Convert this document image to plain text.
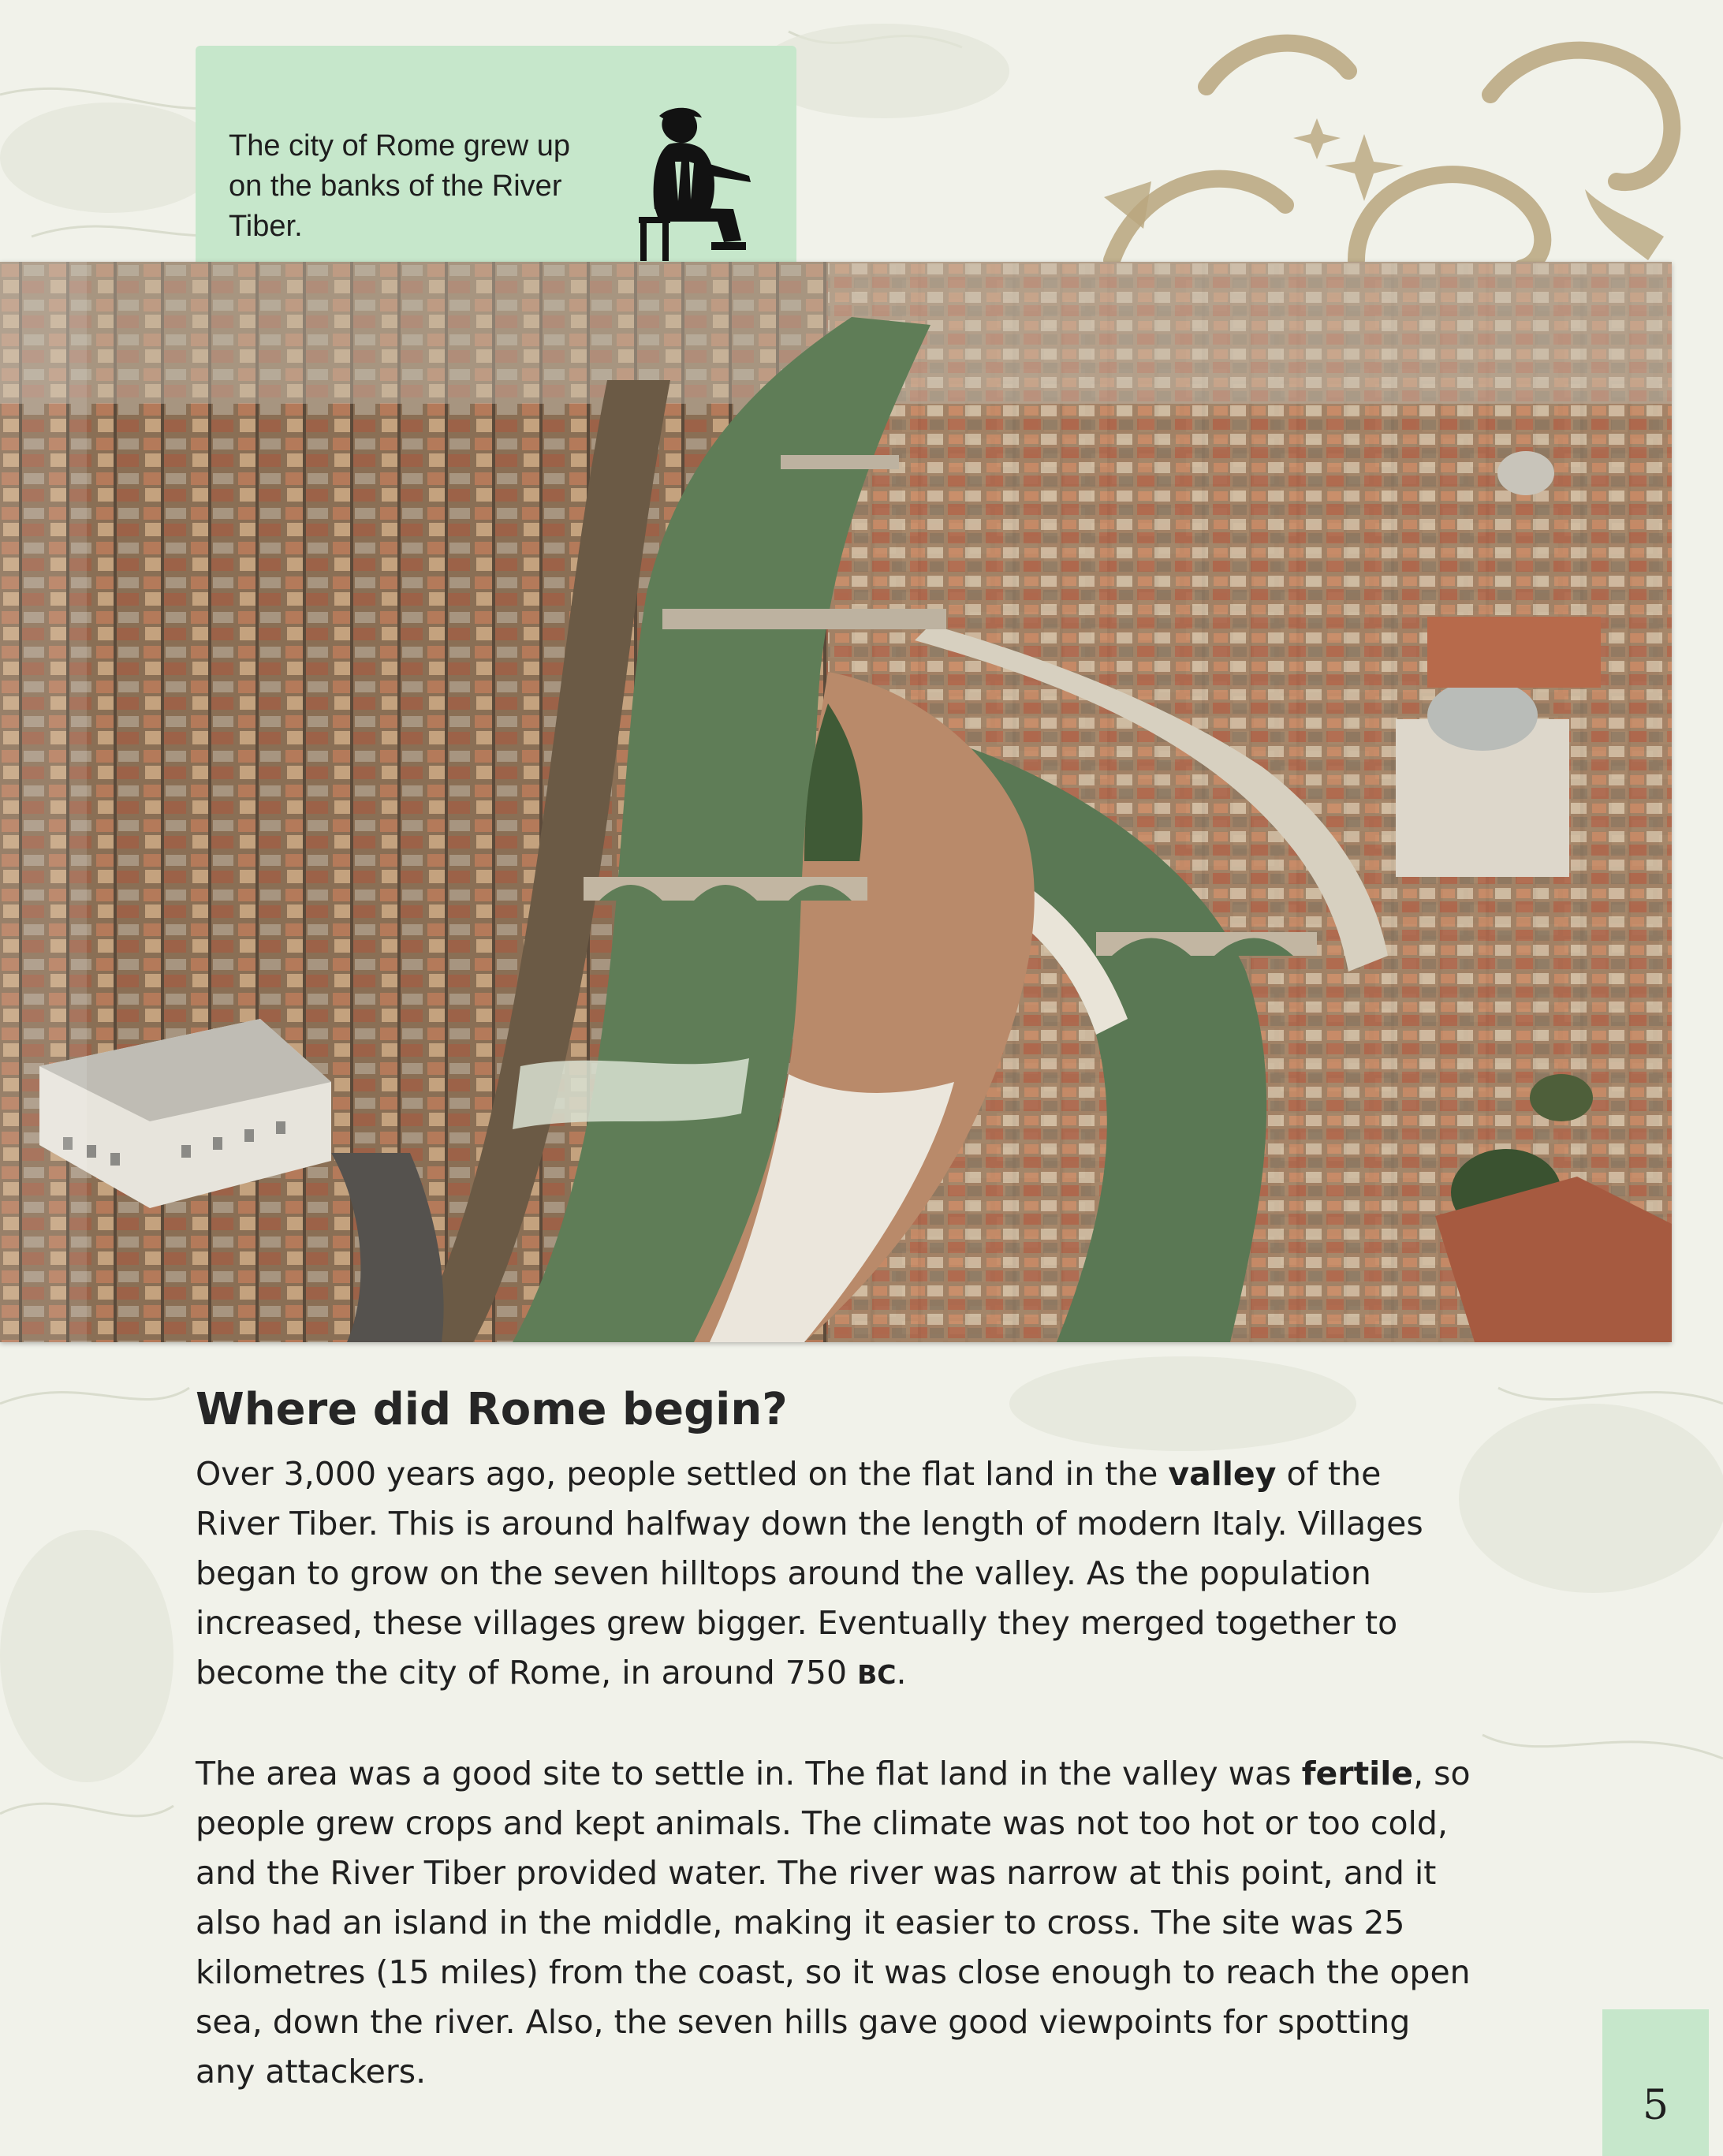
The city of Rome grew up on the banks of the River Tiber.

Where did Rome begin?

Over 3,000 years ago, people settled on the flat land in the valley of the River Tiber. This is around halfway down the length of modern Italy. Villages began to grow on the seven hilltops around the valley. As the population increased, these villages grew bigger. Eventually they merged together to become the city of Rome, in around 750 BC.

The area was a good site to settle in. The flat land in the valley was fertile, so people grew crops and kept animals. The climate was not too hot or too cold, and the River Tiber provided water. The river was narrow at this point, and it also had an island in the middle, making it easier to cross. The site was 25 kilometres (15 miles) from the coast, so it was close enough to reach the open sea, down the river. Also, the seven hills gave good viewpoints for spotting any attackers.

5
